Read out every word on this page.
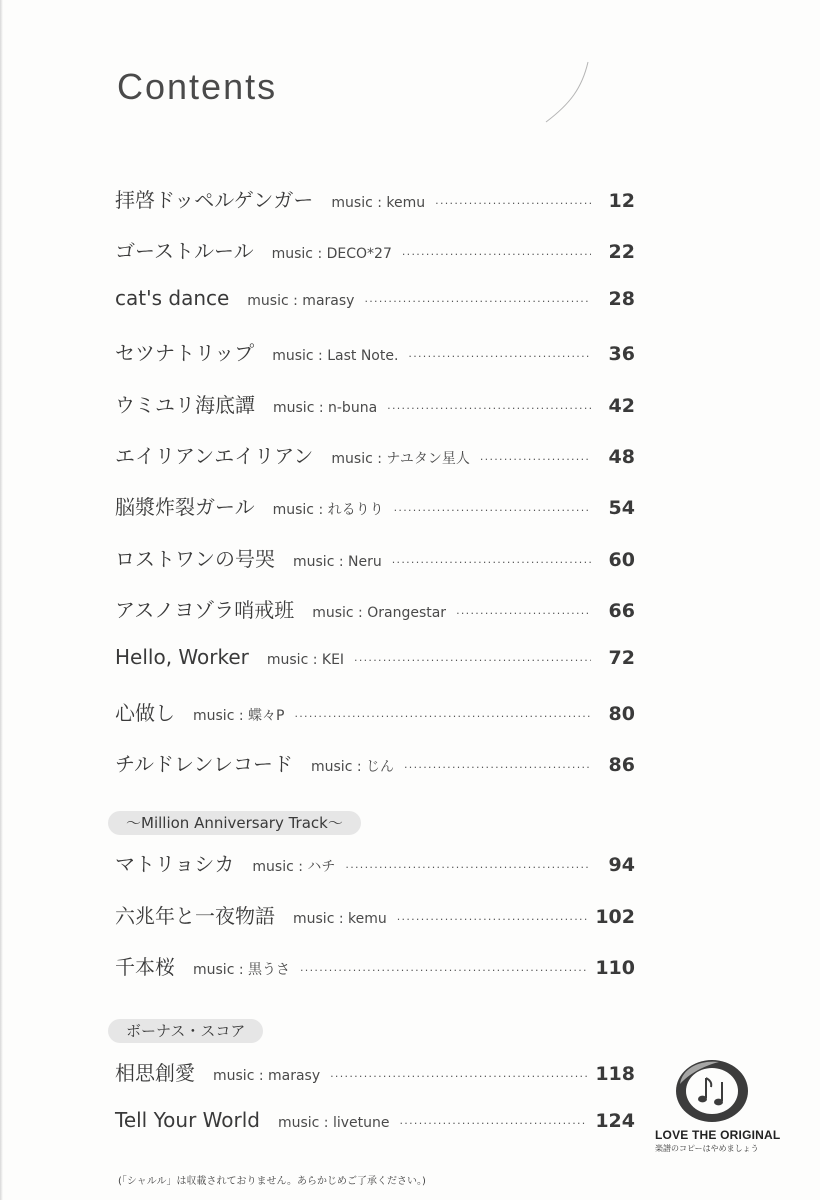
Contents
拝啓ドッペルゲンガー music : kemu ·····	12
ゴーストルール music : DECO*27 ·····	22
cat's dance music : marasy ·····	28
セツナトリップ music : Last Note. ·····	36
ウミユリ海底譚 music : n-buna ·····	42
エイリアンエイリアン music : ナユタン星人 ·····	48
脳漿炸裂ガール music : れるりり ·····	54
ロストワンの号哭 music : Neru ·····	60
アスノヨゾラ哨戒班 music : Orangestar ·····	66
Hello, Worker music : KEI ·····	72
心做し music : 蝶々P ·····	80
チルドレンレコード music : じん ·····	86
～Million Anniversary Track～
マトリョシカ music : ハチ ·····	94
六兆年と一夜物語 music : kemu ·····	102
千本桜 music : 黒うさ ·····	110
ボーナス・スコア
相思創愛 music : marasy ·····	118
Tell Your World music : livetune ·····	124
(「シャルル」は収載されておりません。あらかじめご了承ください。)
LOVE THE ORIGINAL
楽譜のコピーはやめましょう
